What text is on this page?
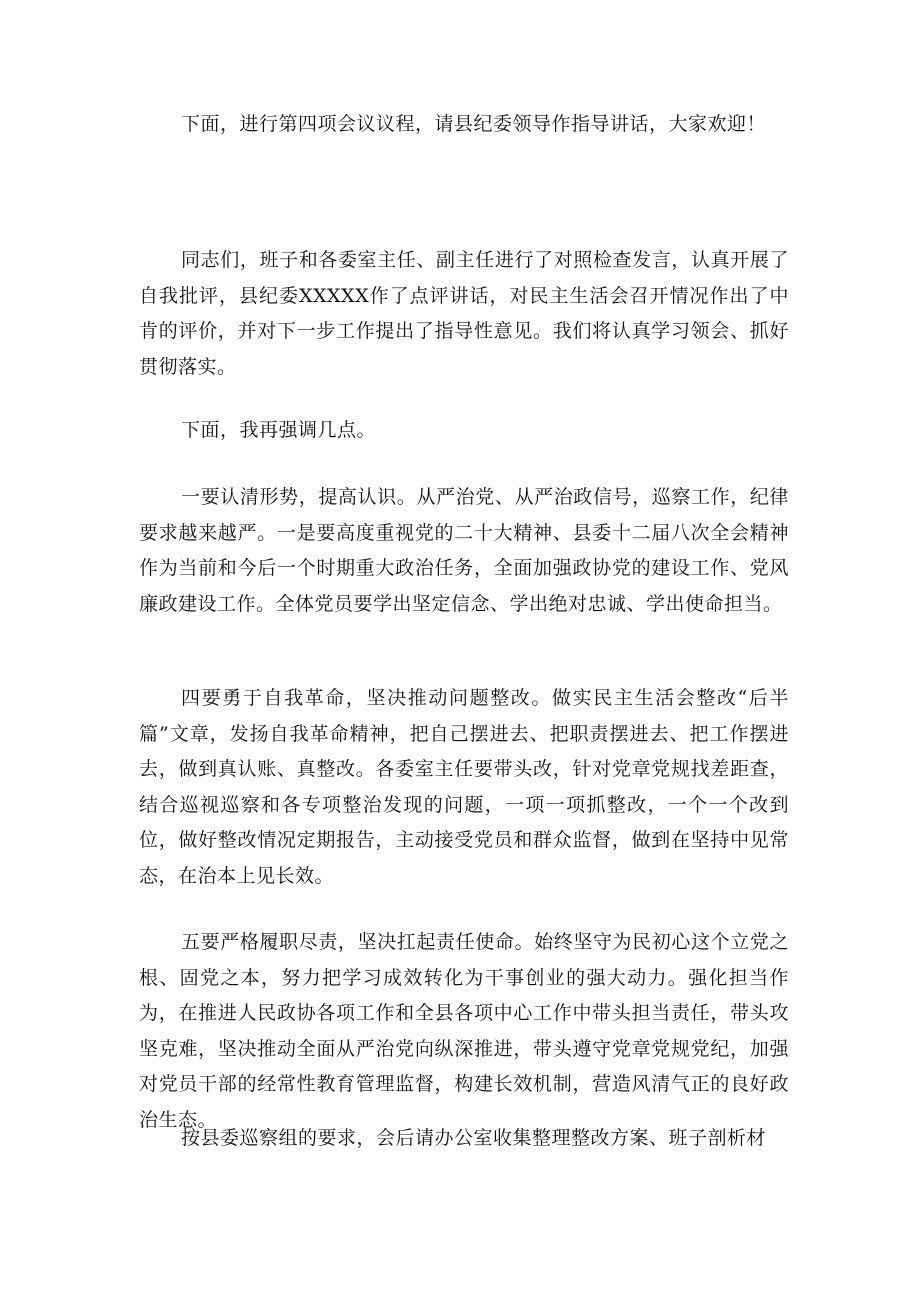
下面，进行第四项会议议程，请县纪委领导作指导讲话，大家欢迎！

同志们，班子和各委室主任、副主任进行了对照检查发言，认真开展了自我批评，县纪委XXXXX作了点评讲话，对民主生活会召开情况作出了中肯的评价，并对下一步工作提出了指导性意见。我们将认真学习领会、抓好贯彻落实。

下面，我再强调几点。

一要认清形势，提高认识。从严治党、从严治政信号，巡察工作，纪律要求越来越严。一是要高度重视党的二十大精神、县委十二届八次全会精神作为当前和今后一个时期重大政治任务，全面加强政协党的建设工作、党风廉政建设工作。全体党员要学出坚定信念、学出绝对忠诚、学出使命担当。

四要勇于自我革命，坚决推动问题整改。做实民主生活会整改“后半篇”文章，发扬自我革命精神，把自己摆进去、把职责摆进去、把工作摆进去，做到真认账、真整改。各委室主任要带头改，针对党章党规找差距查，结合巡视巡察和各专项整治发现的问题，一项一项抓整改，一个一个改到位，做好整改情况定期报告，主动接受党员和群众监督，做到在坚持中见常态，在治本上见长效。

五要严格履职尽责，坚决扛起责任使命。始终坚守为民初心这个立党之根、固党之本，努力把学习成效转化为干事创业的强大动力。强化担当作为，在推进人民政协各项工作和全县各项中心工作中带头担当责任，带头攻坚克难，坚决推动全面从严治党向纵深推进，带头遵守党章党规党纪，加强对党员干部的经常性教育管理监督，构建长效机制，营造风清气正的良好政治生态。

按县委巡察组的要求，会后请办公室收集整理整改方案、班子剖析材
